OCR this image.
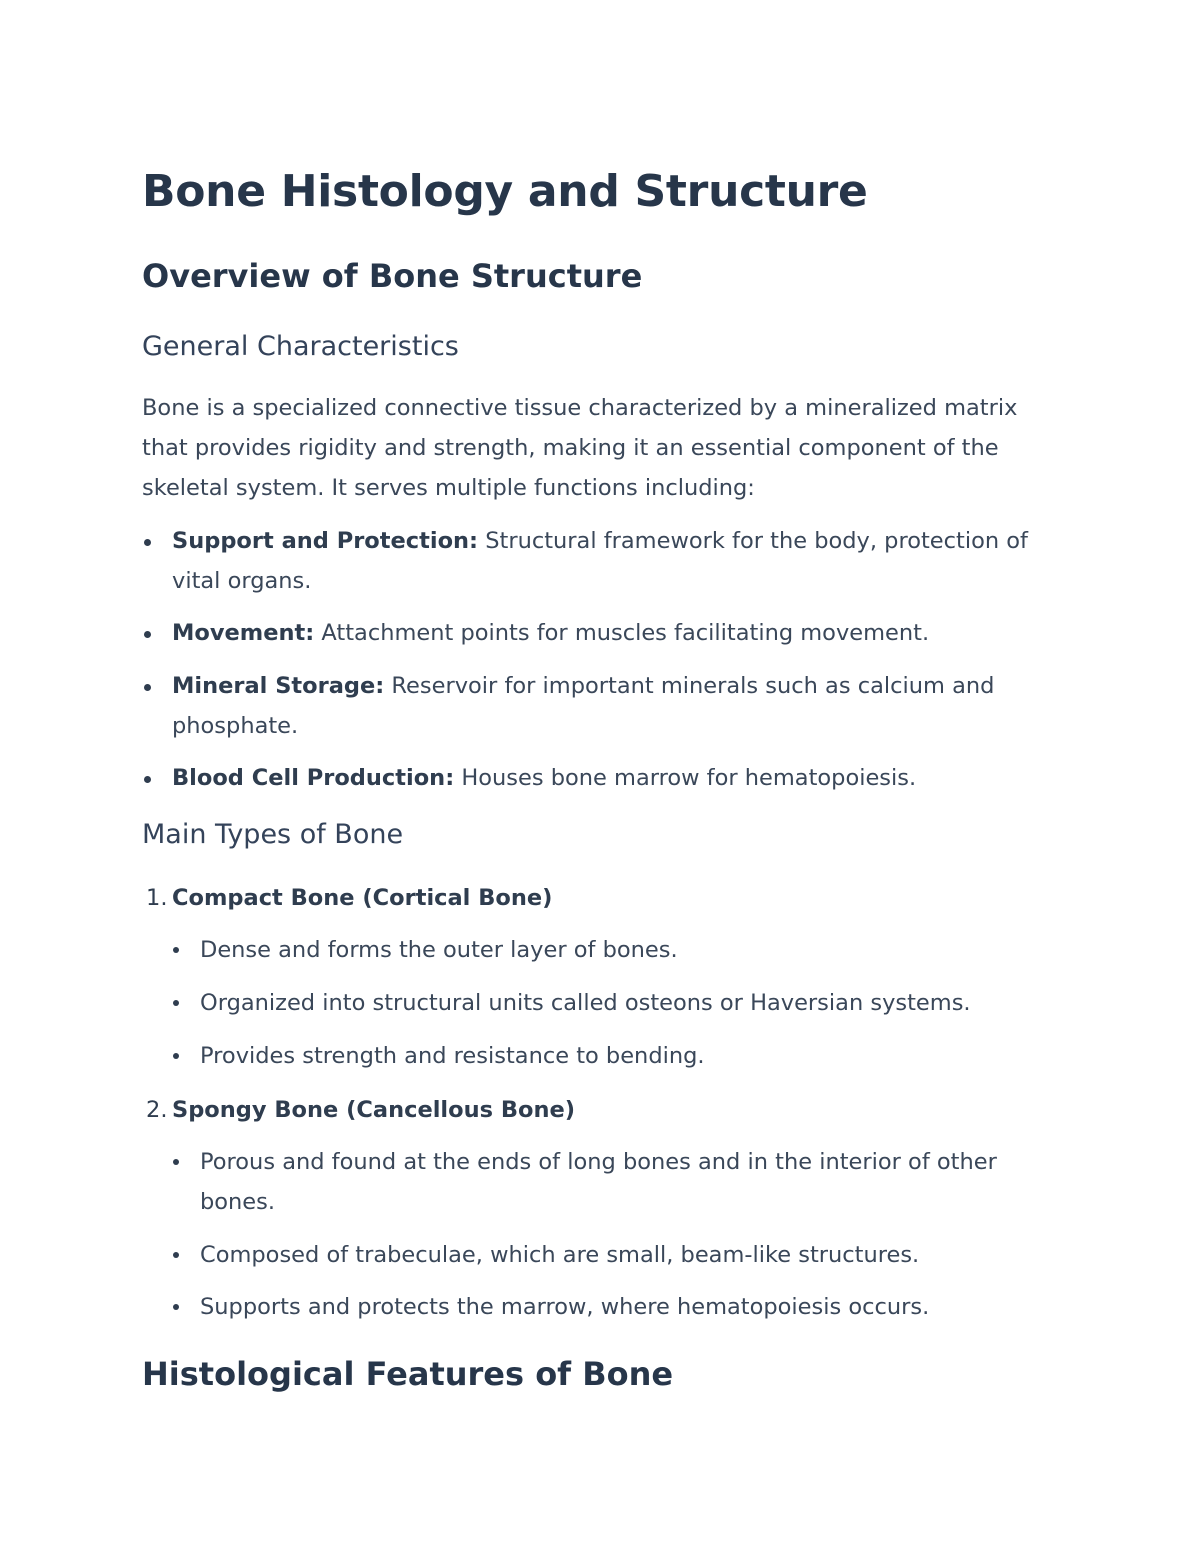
Bone Histology and Structure
Overview of Bone Structure
General Characteristics

Bone is a specialized connective tissue characterized by a mineralized matrix that provides rigidity and strength, making it an essential component of the skeletal system. It serves multiple functions including:

Support and Protection: Structural framework for the body, protection of vital organs.
Movement: Attachment points for muscles facilitating movement.
Mineral Storage: Reservoir for important minerals such as calcium and phosphate.
Blood Cell Production: Houses bone marrow for hematopoiesis.
Main Types of Bone
1. Compact Bone (Cortical Bone)
Dense and forms the outer layer of bones.
Organized into structural units called osteons or Haversian systems.
Provides strength and resistance to bending.
2. Spongy Bone (Cancellous Bone)
Porous and found at the ends of long bones and in the interior of other bones.
Composed of trabeculae, which are small, beam-like structures.
Supports and protects the marrow, where hematopoiesis occurs.
Histological Features of Bone
